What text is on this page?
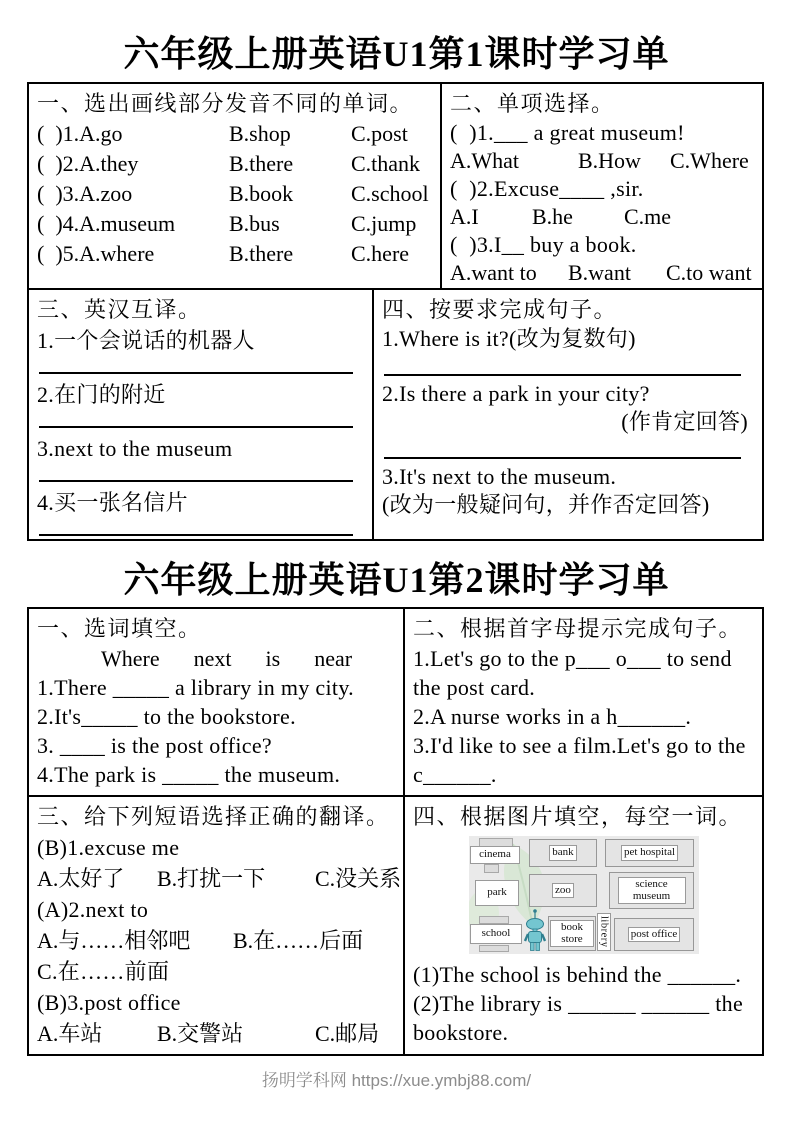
六年级上册英语U1第1课时学习单
一、选出画线部分发音不同的单词。
(  )1.A.go	B.shop	C.post
(  )2.A.they	B.there	C.thank
(  )3.A.zoo	B.book	C.school
(  )4.A.museum	B.bus	C.jump
(  )5.A.where	B.there	C.here
二、单项选择。
(  )1.___ a great museum!
A.What	B.How	C.Where
(  )2.Excuse____ ,sir.
A.I	B.he	C.me
(  )3.I__ buy a book.
A.want to	B.want	C.to want
三、英汉互译。
1.一个会说话的机器人
2.在门的附近
3.next to the museum
4.买一张名信片
四、按要求完成句子。
1.Where is it?(改为复数句)
2.Is there a park in your city?
(作肯定回答)
3.It's next to the museum.
(改为一般疑问句，并作否定回答)
六年级上册英语U1第2课时学习单
一、选词填空。
Where next is near
1.There _____ a library in my city.
2.It's_____ to the bookstore.
3. ____ is the post office?
4.The park is _____ the museum.
二、根据首字母提示完成句子。
1.Let's go to the p___ o___ to send the post card.
2.A nurse works in a h______.
3.I'd like to see a film.Let's go to the c______.
三、给下列短语选择正确的翻译。
(B)1.excuse me
A.太好了	B.打扰一下	C.没关系
(A)2.next to
A.与……相邻吧	B.在……后面
C.在……前面
(B)3.post office
A.车站	B.交警站	C.邮局
四、根据图片填空，每空一词。
bank	pet hospital
zoo	science museum
book store	post office
cinema
park
school	librery
(1)The school is behind the ______.
(2)The library is ______ ______ the bookstore.
扬明学科网 https://xue.ymbj88.com/
